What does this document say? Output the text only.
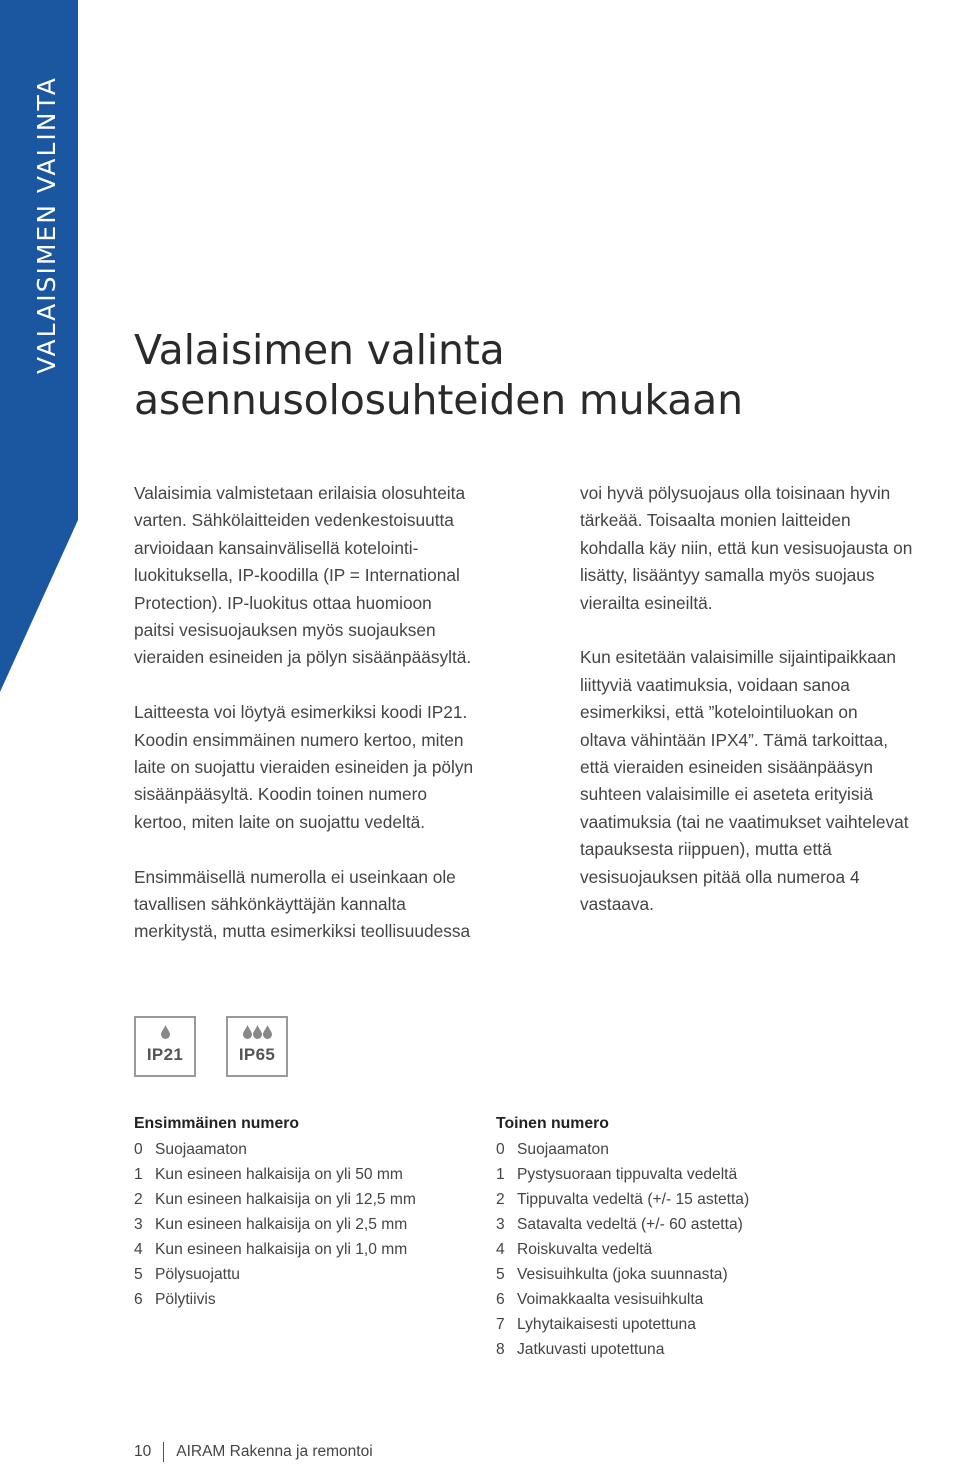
VALAISIMEN VALINTA Valaisimen valinta
asennusolosuhteiden mukaan

Valaisimia valmistetaan erilaisia olosuhteita
varten. Sähkölaitteiden vedenkestoisuutta
arvioidaan kansainvälisellä kotelointi-
luokituksella, IP-koodilla (IP = International
Protection). IP-luokitus ottaa huomioon
paitsi vesisuojauksen myös suojauksen
vieraiden esineiden ja pölyn sisäänpääsyltä.

Laitteesta voi löytyä esimerkiksi koodi IP21.
Koodin ensimmäinen numero kertoo, miten
laite on suojattu vieraiden esineiden ja pölyn
sisäänpääsyltä. Koodin toinen numero
kertoo, miten laite on suojattu vedeltä.

Ensimmäisellä numerolla ei useinkaan ole
tavallisen sähkönkäyttäjän kannalta
merkitystä, mutta esimerkiksi teollisuudessa

voi hyvä pölysuojaus olla toisinaan hyvin
tärkeää. Toisaalta monien laitteiden
kohdalla käy niin, että kun vesisuojausta on
lisätty, lisääntyy samalla myös suojaus
vierailta esineiltä.

Kun esitetään valaisimille sijaintipaikkaan
liittyviä vaatimuksia, voidaan sanoa
esimerkiksi, että ”kotelointiluokan on
oltava vähintään IPX4”. Tämä tarkoittaa,
että vieraiden esineiden sisäänpääsyn
suhteen valaisimille ei aseteta erityisiä
vaatimuksia (tai ne vaatimukset vaihtelevat
tapauksesta riippuen), mutta että
vesisuojauksen pitää olla numeroa 4
vastaava.

IP21	IP65
Ensimmäinen numero
0 Suojaamaton
1 Kun esineen halkaisija on yli 50 mm
2 Kun esineen halkaisija on yli 12,5 mm
3 Kun esineen halkaisija on yli 2,5 mm
4 Kun esineen halkaisija on yli 1,0 mm
5 Pölysuojattu
6 Pölytiivis
Toinen numero
0 Suojaamaton
1 Pystysuoraan tippuvalta vedeltä
2 Tippuvalta vedeltä (+/- 15 astetta)
3 Satavalta vedeltä (+/- 60 astetta)
4 Roiskuvalta vedeltä
5 Vesisuihkulta (joka suunnasta)
6 Voimakkaalta vesisuihkulta
7 Lyhytaikaisesti upotettuna
8 Jatkuvasti upotettuna
10 AIRAM Rakenna ja remontoi
